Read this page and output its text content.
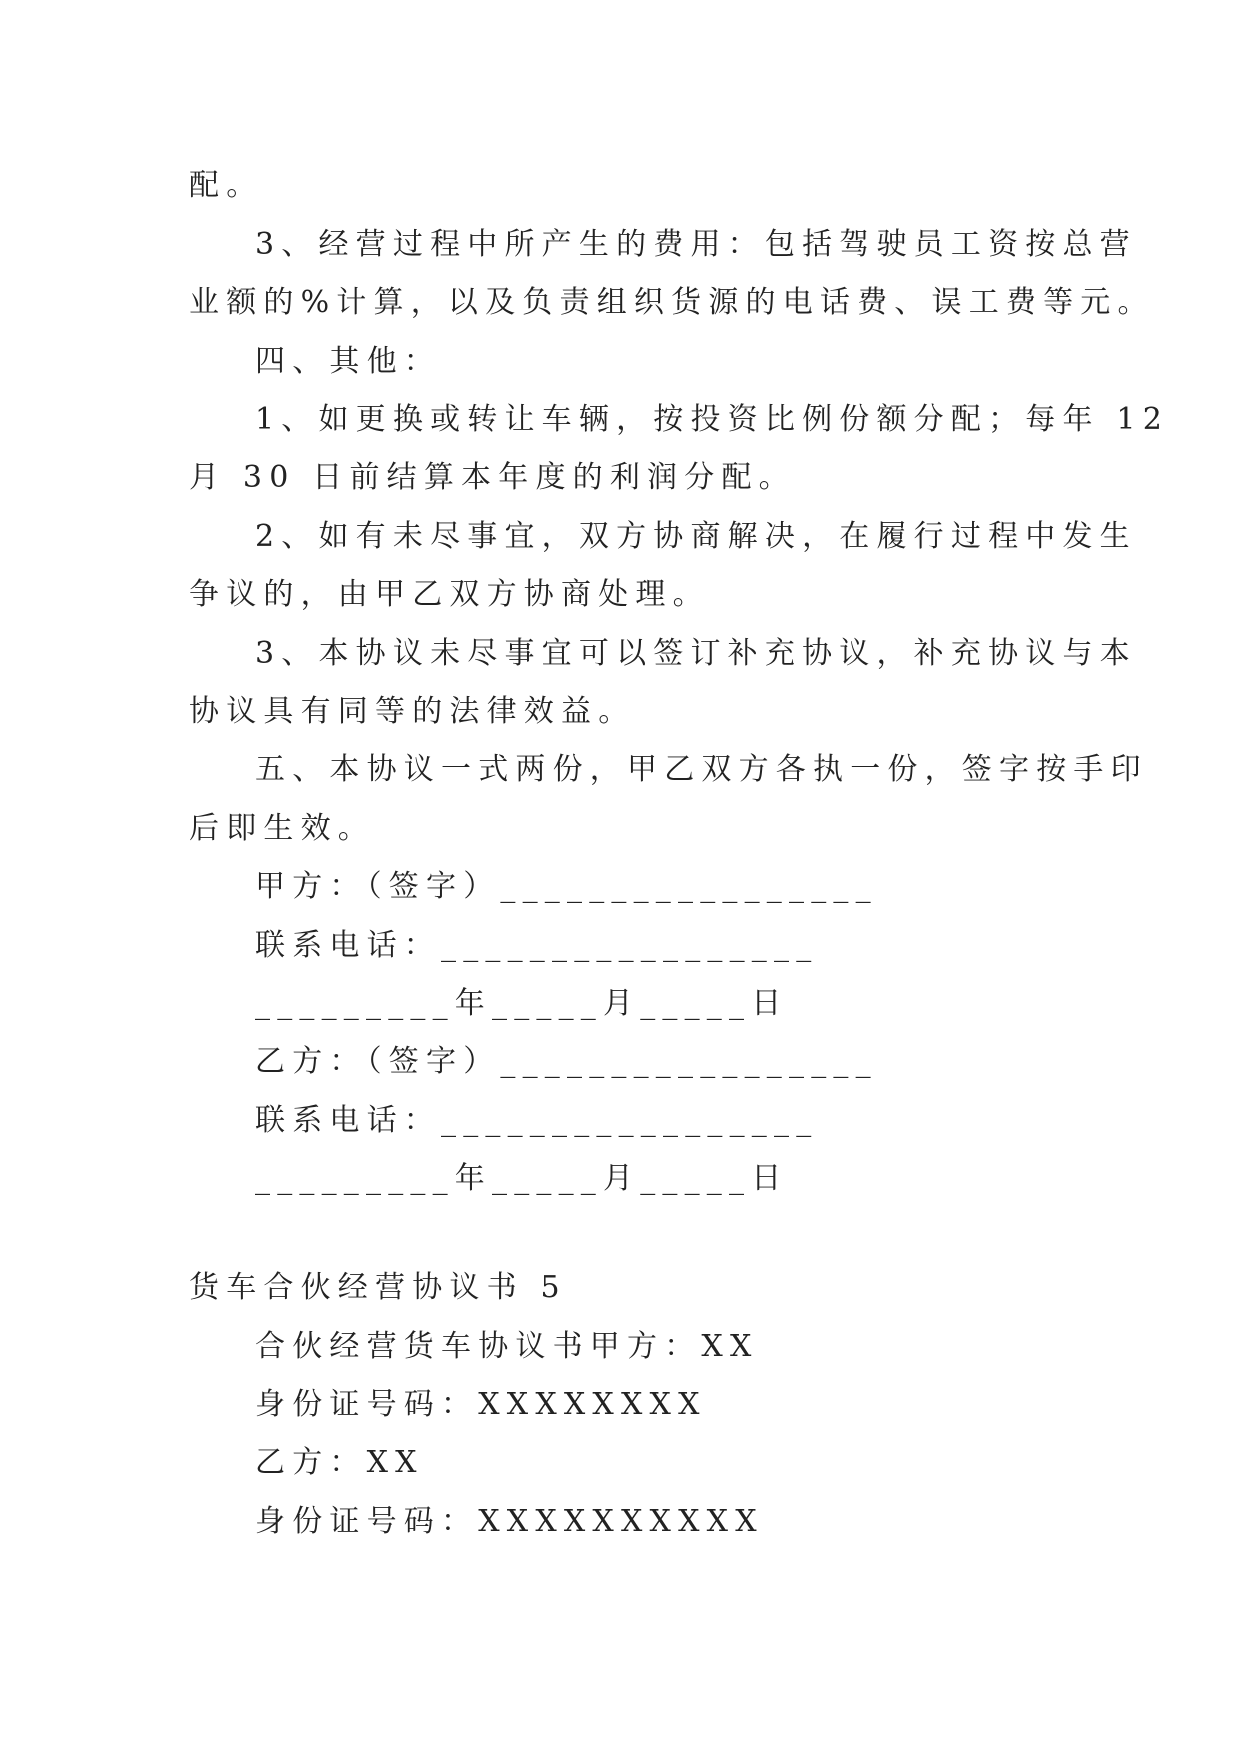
配。
3、经营过程中所产生的费用：包括驾驶员工资按总营
业额的%计算，以及负责组织货源的电话费、误工费等元。
四、其他：
1、如更换或转让车辆，按投资比例份额分配；每年 12
月 30 日前结算本年度的利润分配。
2、如有未尽事宜，双方协商解决，在履行过程中发生
争议的，由甲乙双方协商处理。
3、本协议未尽事宜可以签订补充协议，补充协议与本
协议具有同等的法律效益。
五、本协议一式两份，甲乙双方各执一份，签字按手印
后即生效。
甲方：（签字）_________________
联系电话：_________________
_________年_____月_____日
乙方：（签字）_________________
联系电话：_________________
_________年_____月_____日
货车合伙经营协议书 5
合伙经营货车协议书甲方：XX
身份证号码：XXXXXXXX
乙方：XX
身份证号码：XXXXXXXXXX
